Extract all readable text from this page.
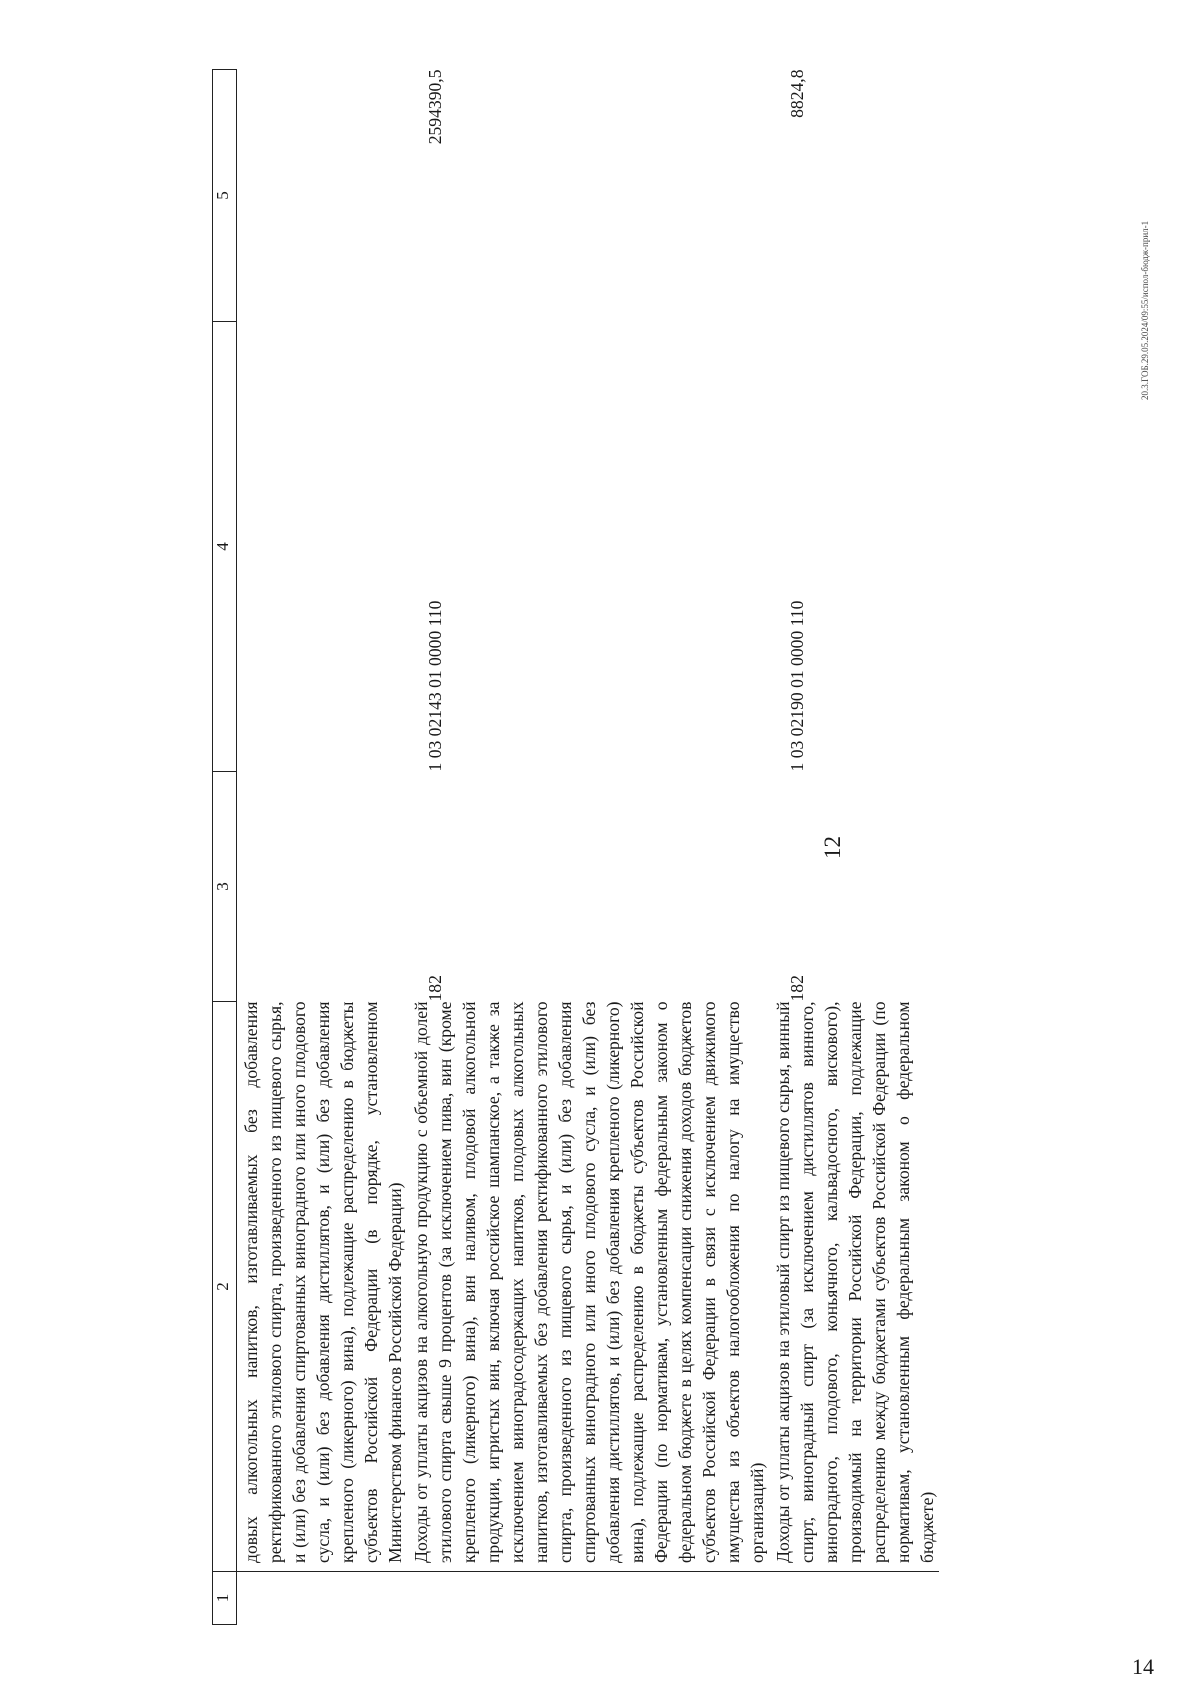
1	2	3	4	5

	довых алкогольных напитков, изготавливаемых без добавления ректификованного этилового спирта, произведенного из пищевого сырья, и (или) без добавления спиртованных виноградного или иного плодового сусла, и (или) без добавления дистиллятов, и (или) без добавления крепленого (ликерного) вина), подлежащие распределению в бюджеты субъектов Российской Федерации (в порядке, установленном Министерством финансов Российской Федерации)			

	Доходы от уплаты акцизов на алкогольную продукцию с объемной долей этилового спирта свыше 9 процентов (за исключением пива, вин (кроме крепленого (ликерного) вина), вин наливом, плодовой алкогольной продукции, игристых вин, включая российское шампанское, а также за исключением виноградосодержащих напитков, плодовых алкогольных напитков, изготавливаемых без добавления ректификованного этилового спирта, произведенного из пищевого сырья, и (или) без добавления спиртованных виноградного или иного плодового сусла, и (или) без добавления дистиллятов, и (или) без добавления крепленого (ликерного) вина), подлежащие распределению в бюджеты субъектов Российской Федерации (по нормативам, установленным федеральным законом о федеральном бюджете в целях компенсации снижения доходов бюджетов субъектов Российской Федерации в связи с исключением движимого имущества из объектов налогообложения по налогу на имущество организаций)	182	1 03 02143 01 0000 110	2594390,5

	Доходы от уплаты акцизов на этиловый спирт из пищевого сырья, винный спирт, виноградный спирт (за исключением дистиллятов винного, виноградного, плодового, коньячного, кальвадосного, вискового), производимый на территории Российской Федерации, подлежащие распределению между бюджетами субъектов Российской Федерации (по нормативам, установленным федеральным законом о федеральном бюджете)	182	1 03 02190 01 0000 110	8824,8
12
20.3.ГОБ.29.05.2024/09:55/испол-бюдж-прил-1
14
